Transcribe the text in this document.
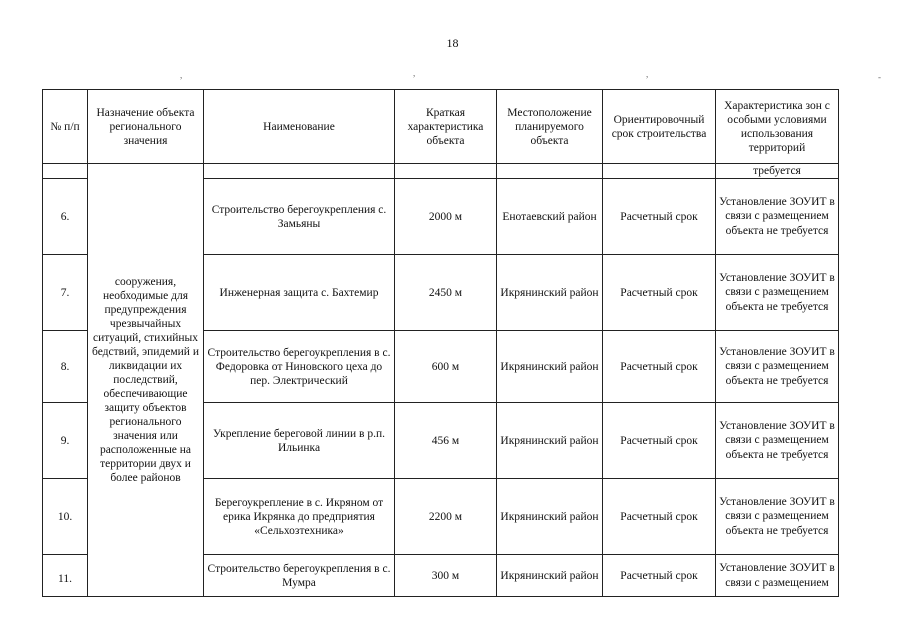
18
,	,	,	-
№ п/п	Назначение объекта регионального значения	Наименование	Краткая характеристика объекта	Местоположение планируемого объекта	Ориентировочный срок строительства	Характеристика зон с особыми условиями использования территорий
	сооружения, необходимые для предупреждения чрезвычайных ситуаций, стихийных бедствий, эпидемий и ликвидации их последствий, обеспечивающие защиту объектов регионального значения или расположенные на территории двух и более районов					требуется
6.		Строительство берегоукрепления с. Замьяны	2000 м	Енотаевский район	Расчетный срок	Установление ЗОУИТ в связи с размещением объекта не требуется
7.		Инженерная защита с. Бахтемир	2450 м	Икрянинский район	Расчетный срок	Установление ЗОУИТ в связи с размещением объекта не требуется
8.		Строительство берегоукрепления в с. Федоровка от Ниновского цеха до пер. Электрический	600 м	Икрянинский район	Расчетный срок	Установление ЗОУИТ в связи с размещением объекта не требуется
9.		Укрепление береговой линии в р.п. Ильинка	456 м	Икрянинский район	Расчетный срок	Установление ЗОУИТ в связи с размещением объекта не требуется
10.		Берегоукрепление в с. Икряном от ерика Икрянка до предприятия «Сельхозтехника»	2200 м	Икрянинский район	Расчетный срок	Установление ЗОУИТ в связи с размещением объекта не требуется
11.		Строительство берегоукрепления в с. Мумра	300 м	Икрянинский район	Расчетный срок	Установление ЗОУИТ в связи с размещением
